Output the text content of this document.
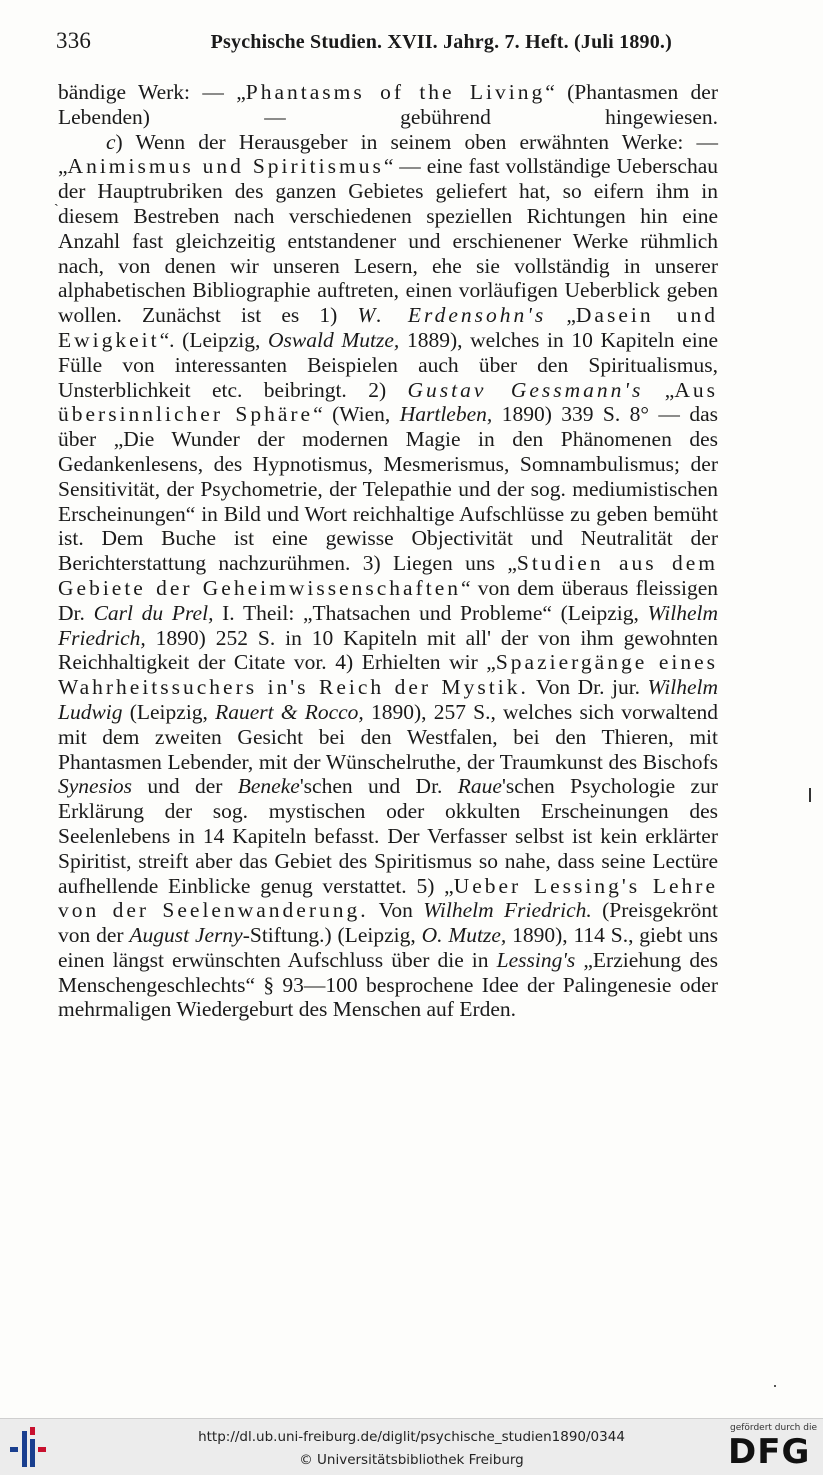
336	Psychische Studien. XVII. Jahrg. 7. Heft. (Juli 1890.)
ˏ

bändige Werk: — „Phantasms of the Living“ (Phantasmen der Lebenden) — gebührend hingewiesen.

c) Wenn der Herausgeber in seinem oben erwähnten Werke: — „Animismus und Spiritismus“ — eine fast vollständige Ueberschau der Hauptrubriken des ganzen Gebietes geliefert hat, so eifern ihm in diesem Bestreben nach verschiedenen speziellen Richtungen hin eine Anzahl fast gleichzeitig entstandener und erschienener Werke rühmlich nach, von denen wir unseren Lesern, ehe sie vollständig in unserer alphabetischen Bibliographie auftreten, einen vorläufigen Ueberblick geben wollen. Zunächst ist es 1) W. Erdensohn's „Dasein und Ewigkeit“. (Leipzig, Oswald Mutze, 1889), welches in 10 Kapiteln eine Fülle von interessanten Beispielen auch über den Spiritualismus, Unsterblichkeit etc. beibringt. 2) Gustav Gessmann's „Aus übersinnlicher Sphäre“ (Wien, Hartleben, 1890) 339 S. 8° — das über „Die Wunder der modernen Magie in den Phänomenen des Gedankenlesens, des Hypnotismus, Mesmerismus, Somnambulismus; der Sensitivität, der Psychometrie, der Telepathie und der sog. mediumistischen Erscheinungen“ in Bild und Wort reichhaltige Aufschlüsse zu geben bemüht ist. Dem Buche ist eine gewisse Objectivität und Neutralität der Berichterstattung nachzurühmen. 3) Liegen uns „Studien aus dem Gebiete der Geheimwissenschaften“ von dem überaus fleissigen Dr. Carl du Prel, I. Theil: „Thatsachen und Probleme“ (Leipzig, Wilhelm Friedrich, 1890) 252 S. in 10 Kapiteln mit all' der von ihm gewohnten Reichhaltigkeit der Citate vor. 4) Erhielten wir „Spaziergänge eines Wahrheitssuchers in's Reich der Mystik. Von Dr. jur. Wilhelm Ludwig (Leipzig, Rauert & Rocco, 1890), 257 S., welches sich vorwaltend mit dem zweiten Gesicht bei den Westfalen, bei den Thieren, mit Phantasmen Lebender, mit der Wünschelruthe, der Traumkunst des Bischofs Synesios und der Beneke'schen und Dr. Raue'schen Psychologie zur Erklärung der sog. mystischen oder okkulten Erscheinungen des Seelenlebens in 14 Kapiteln befasst. Der Verfasser selbst ist kein erklärter Spiritist, streift aber das Gebiet des Spiritismus so nahe, dass seine Lectüre aufhellende Einblicke genug verstattet. 5) „Ueber Lessing's Lehre von der Seelenwanderung. Von Wilhelm Friedrich. (Preisgekrönt von der August Jerny-Stiftung.) (Leipzig, O. Mutze, 1890), 114 S., giebt uns einen längst erwünschten Aufschluss über die in Lessing's „Erziehung des Menschengeschlechts“ § 93—100 besprochene Idee der Palingenesie oder mehrmaligen Wiedergeburt des Menschen auf Erden.

http://dl.ub.uni-freiburg.de/diglit/psychische_studien1890/0344
© Universitätsbibliothek Freiburg
gefördert durch die
DFG
